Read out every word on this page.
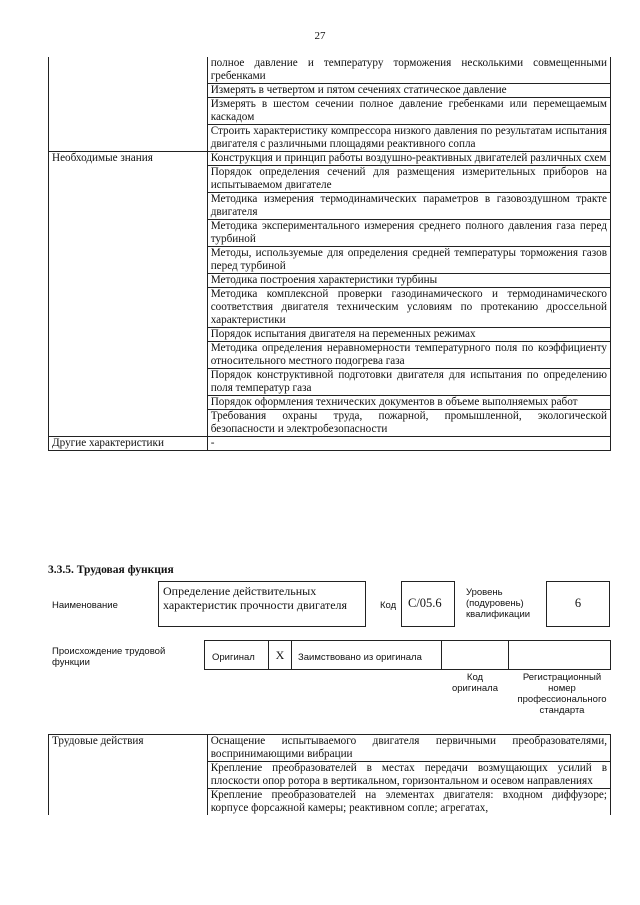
27
	полное давление и температуру торможения несколькими совмещенными гребенками
	Измерять в четвертом и пятом сечениях статическое давление
	Измерять в шестом сечении полное давление гребенками или перемещаемым каскадом
	Строить характеристику компрессора низкого давления по результатам испытания двигателя с различными площадями реактивного сопла
Необходимые знания	Конструкция и принцип работы воздушно-реактивных двигателей различных схем
	Порядок определения сечений для размещения измерительных приборов на испытываемом двигателе
	Методика измерения термодинамических параметров в газовоздушном тракте двигателя
	Методика экспериментального измерения среднего полного давления газа перед турбиной
	Методы, используемые для определения средней температуры торможения газов перед турбиной
	Методика построения характеристики турбины
	Методика комплексной проверки газодинамического и термодинамического соответствия двигателя техническим условиям по протеканию дроссельной характеристики
	Порядок испытания двигателя на переменных режимах
	Методика определения неравномерности температурного поля по коэффициенту относительного местного подогрева газа
	Порядок конструктивной подготовки двигателя для испытания по определению поля температур газа
	Порядок оформления технических документов в объеме выполняемых работ
	Требования охраны труда, пожарной, промышленной, экологической безопасности и электробезопасности
Другие характеристики	-
3.3.5. Трудовая функция
Наименование
Определение действительных характеристик прочности двигателя	Код С/05.6
Уровень (подуровень) квалификации
6
Происхождение трудовой функции	Оригинал	X	Заимствовано из оригинала
Код оригинала
Регистрационный номер профессионального стандарта
Трудовые действия	Оснащение испытываемого двигателя первичными преобразователями, воспринимающими вибрации
Крепление преобразователей в местах передачи возмущающих усилий в плоскости опор ротора в вертикальном, горизонтальном и осевом направлениях
Крепление преобразователей на элементах двигателя: входном диффузоре; корпусе форсажной камеры; реактивном сопле; агрегатах,
